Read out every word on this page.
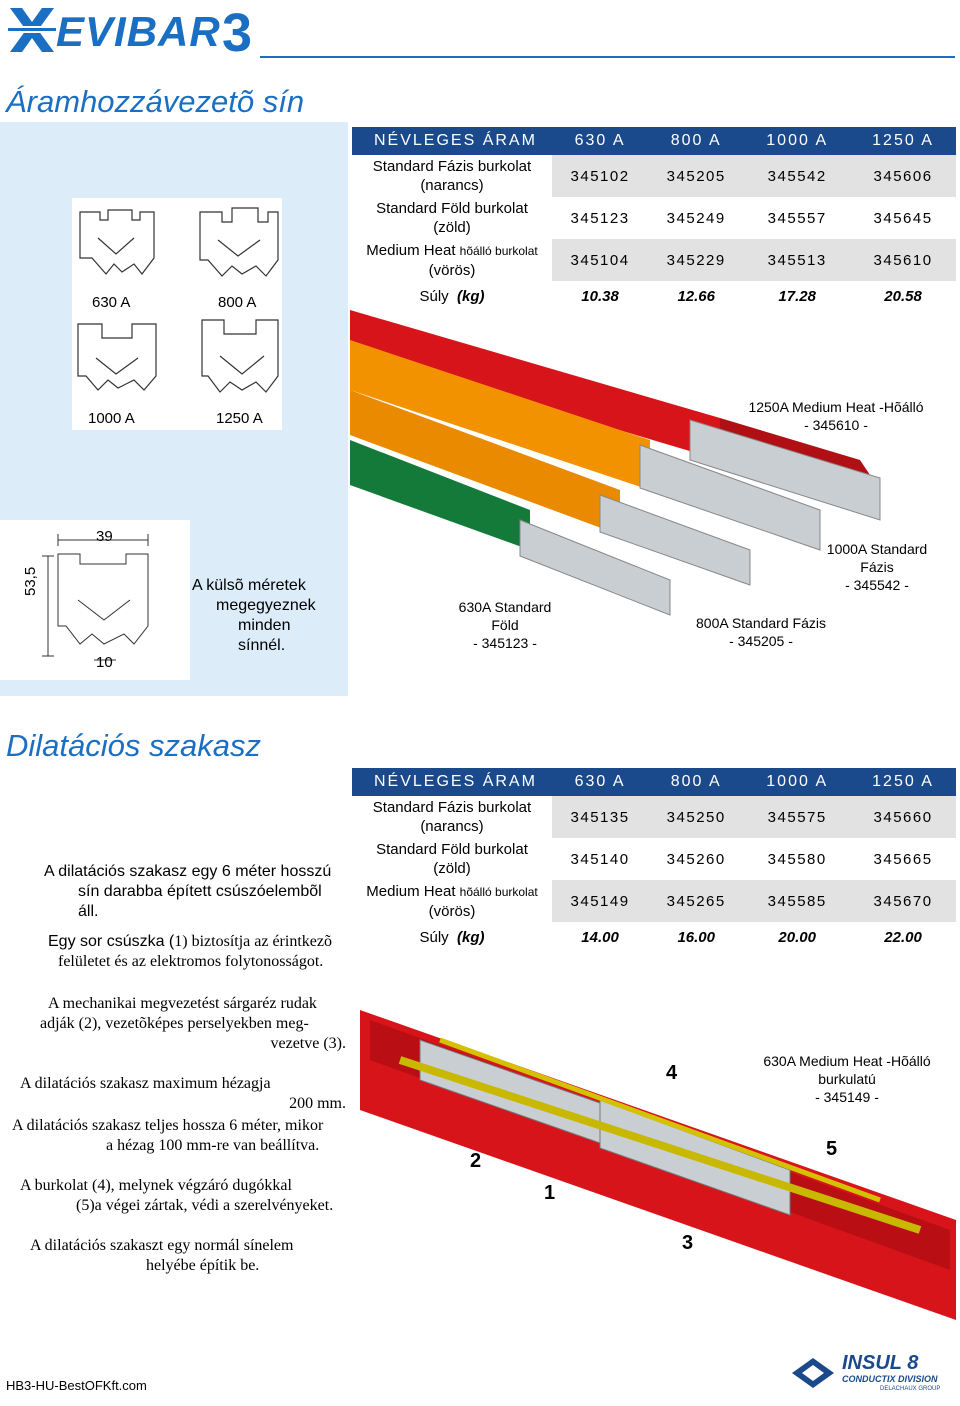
EVIBAR 3
Áramhozzávezetõ sín
NÉVLEGES ÁRAM	630 A	800 A	1000 A	1250 A
Standard Fázis burkolat
(narancs)	345102	345205	345542	345606
Standard Föld burkolat
(zöld)	345123	345249	345557	345645
Medium Heat hõálló burkolat
(vörös)	345104	345229	345513	345610
Súly (kg)	10.38	12.66	17.28	20.58
630 A	800 A
1000 A	1250 A
39
53,5
10
A külsõ méretek
megegyeznek
minden sínnél.
1250A Medium Heat -Hõálló
- 345610 -
630A Standard
Föld
- 345123 -
800A Standard Fázis
- 345205 -
1000A Standard
Fázis
- 345542 -
Dilatációs szakasz
NÉVLEGES ÁRAM	630 A	800 A	1000 A	1250 A
Standard Fázis burkolat
(narancs)	345135	345250	345575	345660
Standard Föld burkolat
(zöld)	345140	345260	345580	345665
Medium Heat hõálló burkolat
(vörös)	345149	345265	345585	345670
Súly (kg)	14.00	16.00	20.00	22.00
A dilatációs szakasz egy 6 méter hosszú
sín darabba épített csúszóelembõl áll.
Egy sor csúszka (1) biztosítja az érintkezõ
felületet és az elektromos folytonosságot.
A mechanikai megvezetést sárgaréz rudak
adják (2), vezetõképes perselyekben meg-
vezetve (3).
A dilatációs szakasz maximum hézagja
200 mm.
A dilatációs szakasz teljes hossza 6 méter, mikor
a hézag 100 mm-re van beállítva.
A burkolat (4), melynek végzáró dugókkal
(5)a végei zártak, védi a szerelvényeket.
A dilatációs szakaszt egy normál sínelem
helyébe építik be.
630A Medium Heat -Hõálló burkulatú
- 345149 -
1
2
3
4
5
HB3-HU-BestOFKft.com
INSUL 8
CONDUCTIX DIVISION
DELACHAUX GROUP
